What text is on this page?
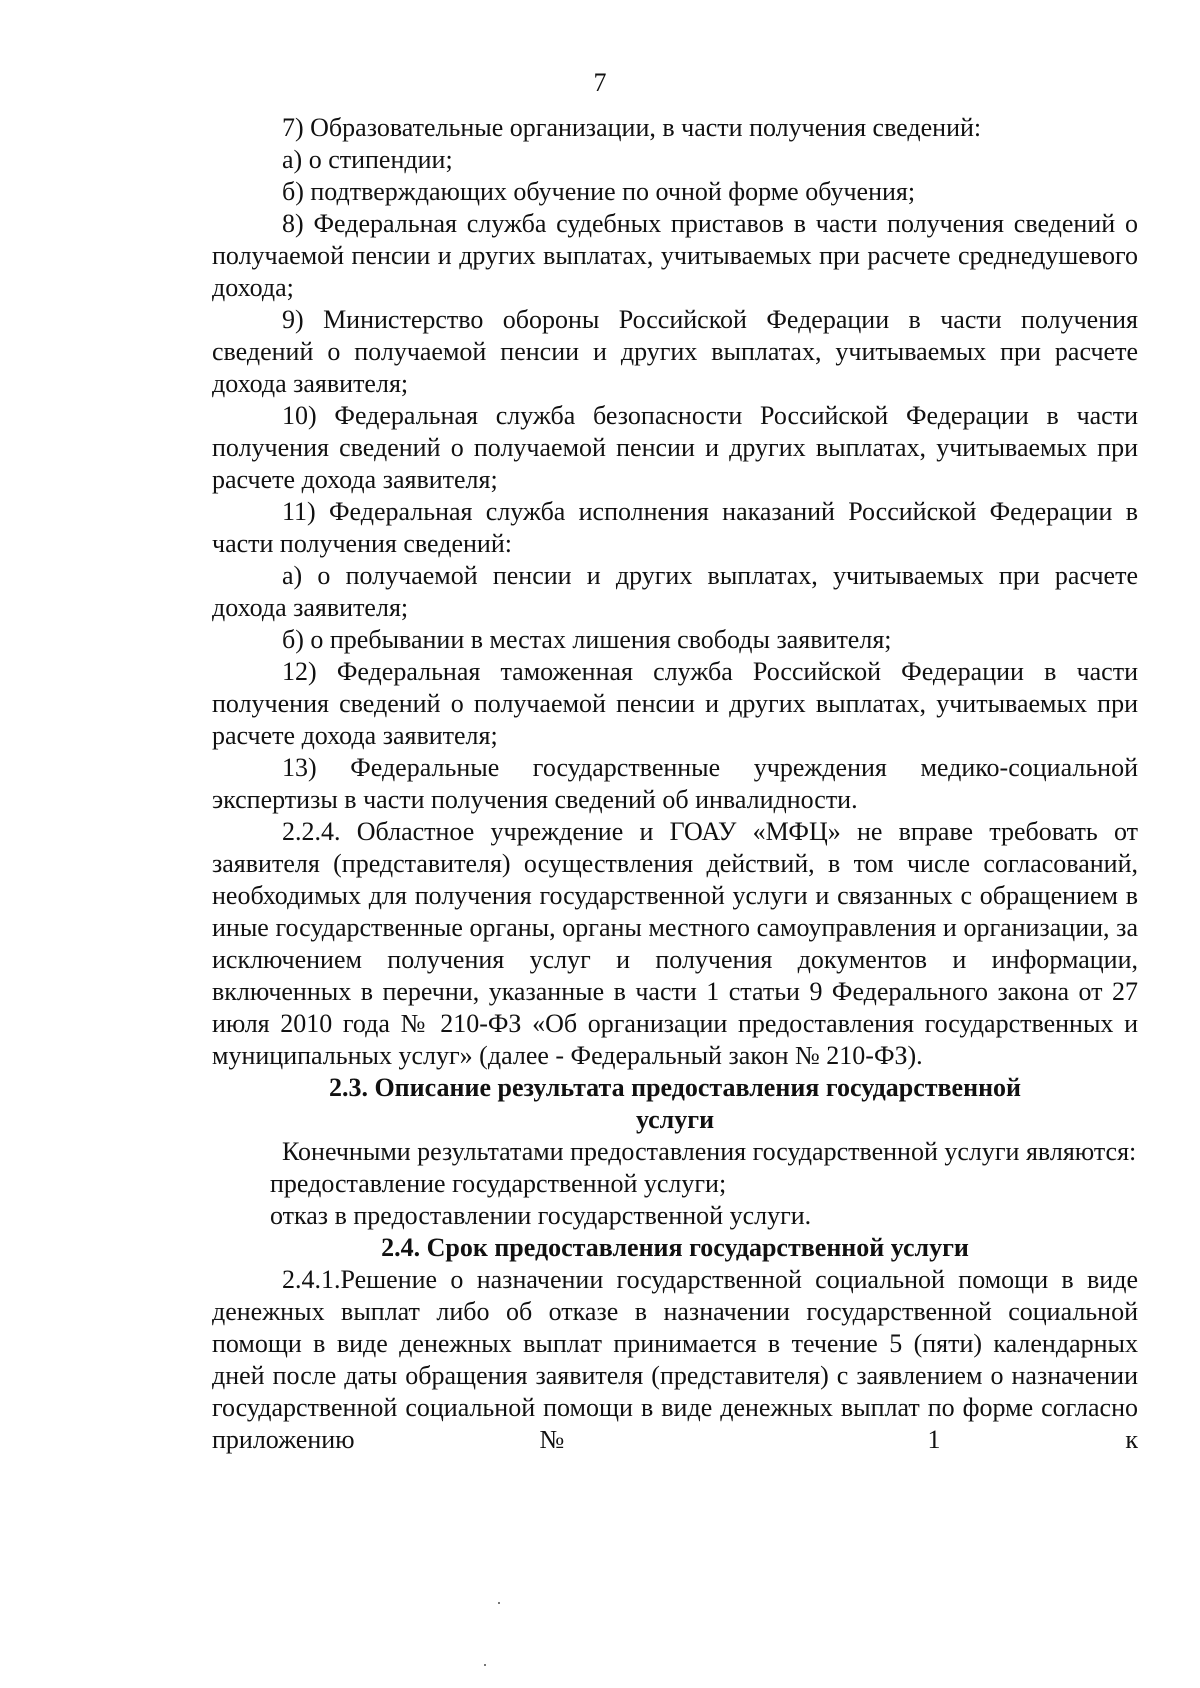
7

7) Образовательные организации, в части получения сведений:

а) о стипендии;

б) подтверждающих обучение по очной форме обучения;

8) Федеральная служба судебных приставов в части получения сведений о получаемой пенсии и других выплатах, учитываемых при расчете среднедушевого дохода;

9) Министерство обороны Российской Федерации в части получения сведений о получаемой пенсии и других выплатах, учитываемых при расчете дохода заявителя;

10) Федеральная служба безопасности Российской Федерации в части получения сведений о получаемой пенсии и других выплатах, учитываемых при расчете дохода заявителя;

11) Федеральная служба исполнения наказаний Российской Федерации в части получения сведений:

а) о получаемой пенсии и других выплатах, учитываемых при расчете дохода заявителя;

б) о пребывании в местах лишения свободы заявителя;

12) Федеральная таможенная служба Российской Федерации в части получения сведений о получаемой пенсии и других выплатах, учитываемых при расчете дохода заявителя;

13) Федеральные государственные учреждения медико-социальной экспертизы в части получения сведений об инвалидности.

2.2.4. Областное учреждение и ГОАУ «МФЦ» не вправе требовать от заявителя (представителя) осуществления действий, в том числе согласований, необходимых для получения государственной услуги и связанных с обращением в иные государственные органы, органы местного самоуправления и организации, за исключением получения услуг и получения документов и информации, включенных в перечни, указанные в части 1 статьи 9 Федерального закона от 27 июля 2010 года № 210-ФЗ «Об организации предоставления государственных и муниципальных услуг» (далее - Федеральный закон № 210-ФЗ).

2.3. Описание результата предоставления государственной

услуги

Конечными результатами предоставления государственной услуги являются:

предоставление государственной услуги;

отказ в предоставлении государственной услуги.

2.4. Срок предоставления государственной услуги

2.4.1.Решение о назначении государственной социальной помощи в виде денежных выплат либо об отказе в назначении государственной социальной помощи в виде денежных выплат принимается в течение 5 (пяти) календарных дней после даты обращения заявителя (представителя) с заявлением о назначении государственной социальной помощи в виде денежных выплат по форме согласно приложению № 1 к
